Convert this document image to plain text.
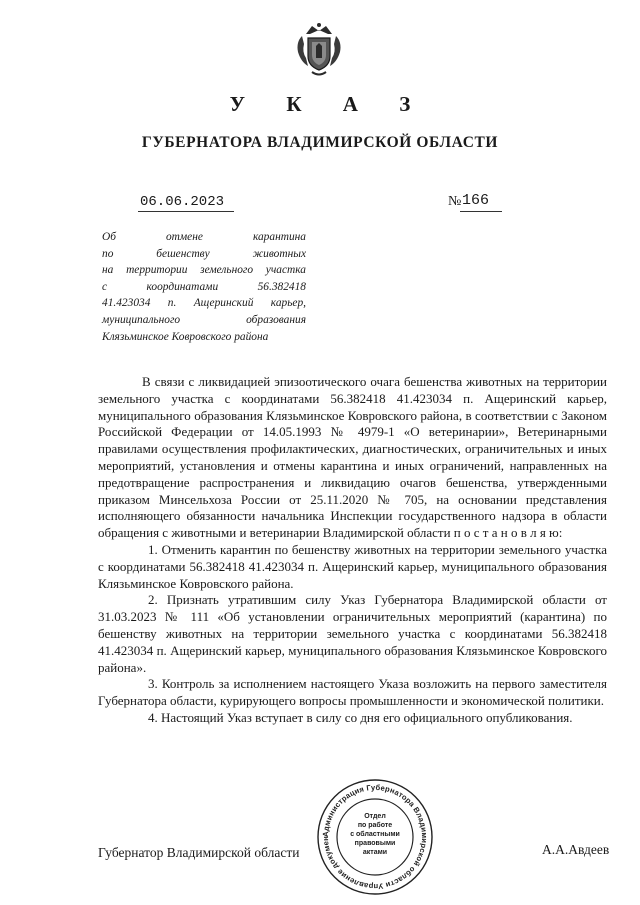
У К А З
ГУБЕРНАТОРА ВЛАДИМИРСКОЙ ОБЛАСТИ
06.06.2023	№ 166
Об отмене карантина
по бешенству животных
на территории земельного участка
с координатами 56.382418
41.423034 п. Ащеринский карьер,
муниципального образования
Клязьминское Ковровского района

В связи с ликвидацией эпизоотического очага бешенства животных на территории земельного участка с координатами 56.382418 41.423034 п. Ащеринский карьер, муниципального образования Клязьминское Ковровского района, в соответствии с Законом Российской Федерации от 14.05.1993 № 4979-1 «О ветеринарии», Ветеринарными правилами осуществления профилактических, диагностических, ограничительных и иных мероприятий, установления и отмены карантина и иных ограничений, направленных на предотвращение распространения и ликвидацию очагов бешенства, утвержденными приказом Минсельхоза России от 25.11.2020 № 705, на основании представления исполняющего обязанности начальника Инспекции государственного надзора в области обращения с животными и ветеринарии Владимирской области п о с т а н о в л я ю:

1. Отменить карантин по бешенству животных на территории земельного участка с координатами 56.382418 41.423034 п. Ащеринский карьер, муниципального образования Клязьминское Ковровского района.

2. Признать утратившим силу Указ Губернатора Владимирской области от 31.03.2023 № 111 «Об установлении ограничительных мероприятий (карантина) по бешенству животных на территории земельного участка с координатами 56.382418 41.423034 п. Ащеринский карьер, муниципального образования Клязьминское Ковровского района».

3. Контроль за исполнением настоящего Указа возложить на первого заместителя Губернатора области, курирующего вопросы промышленности и экономической политики.

4. Настоящий Указ вступает в силу со дня его официального опубликования.

Губернатор Владимирской области	А.А.Авдеев
Администрация Губернатора Владимирской области Управление докумен
Отдел
по работе
с областными
правовыми
актами
